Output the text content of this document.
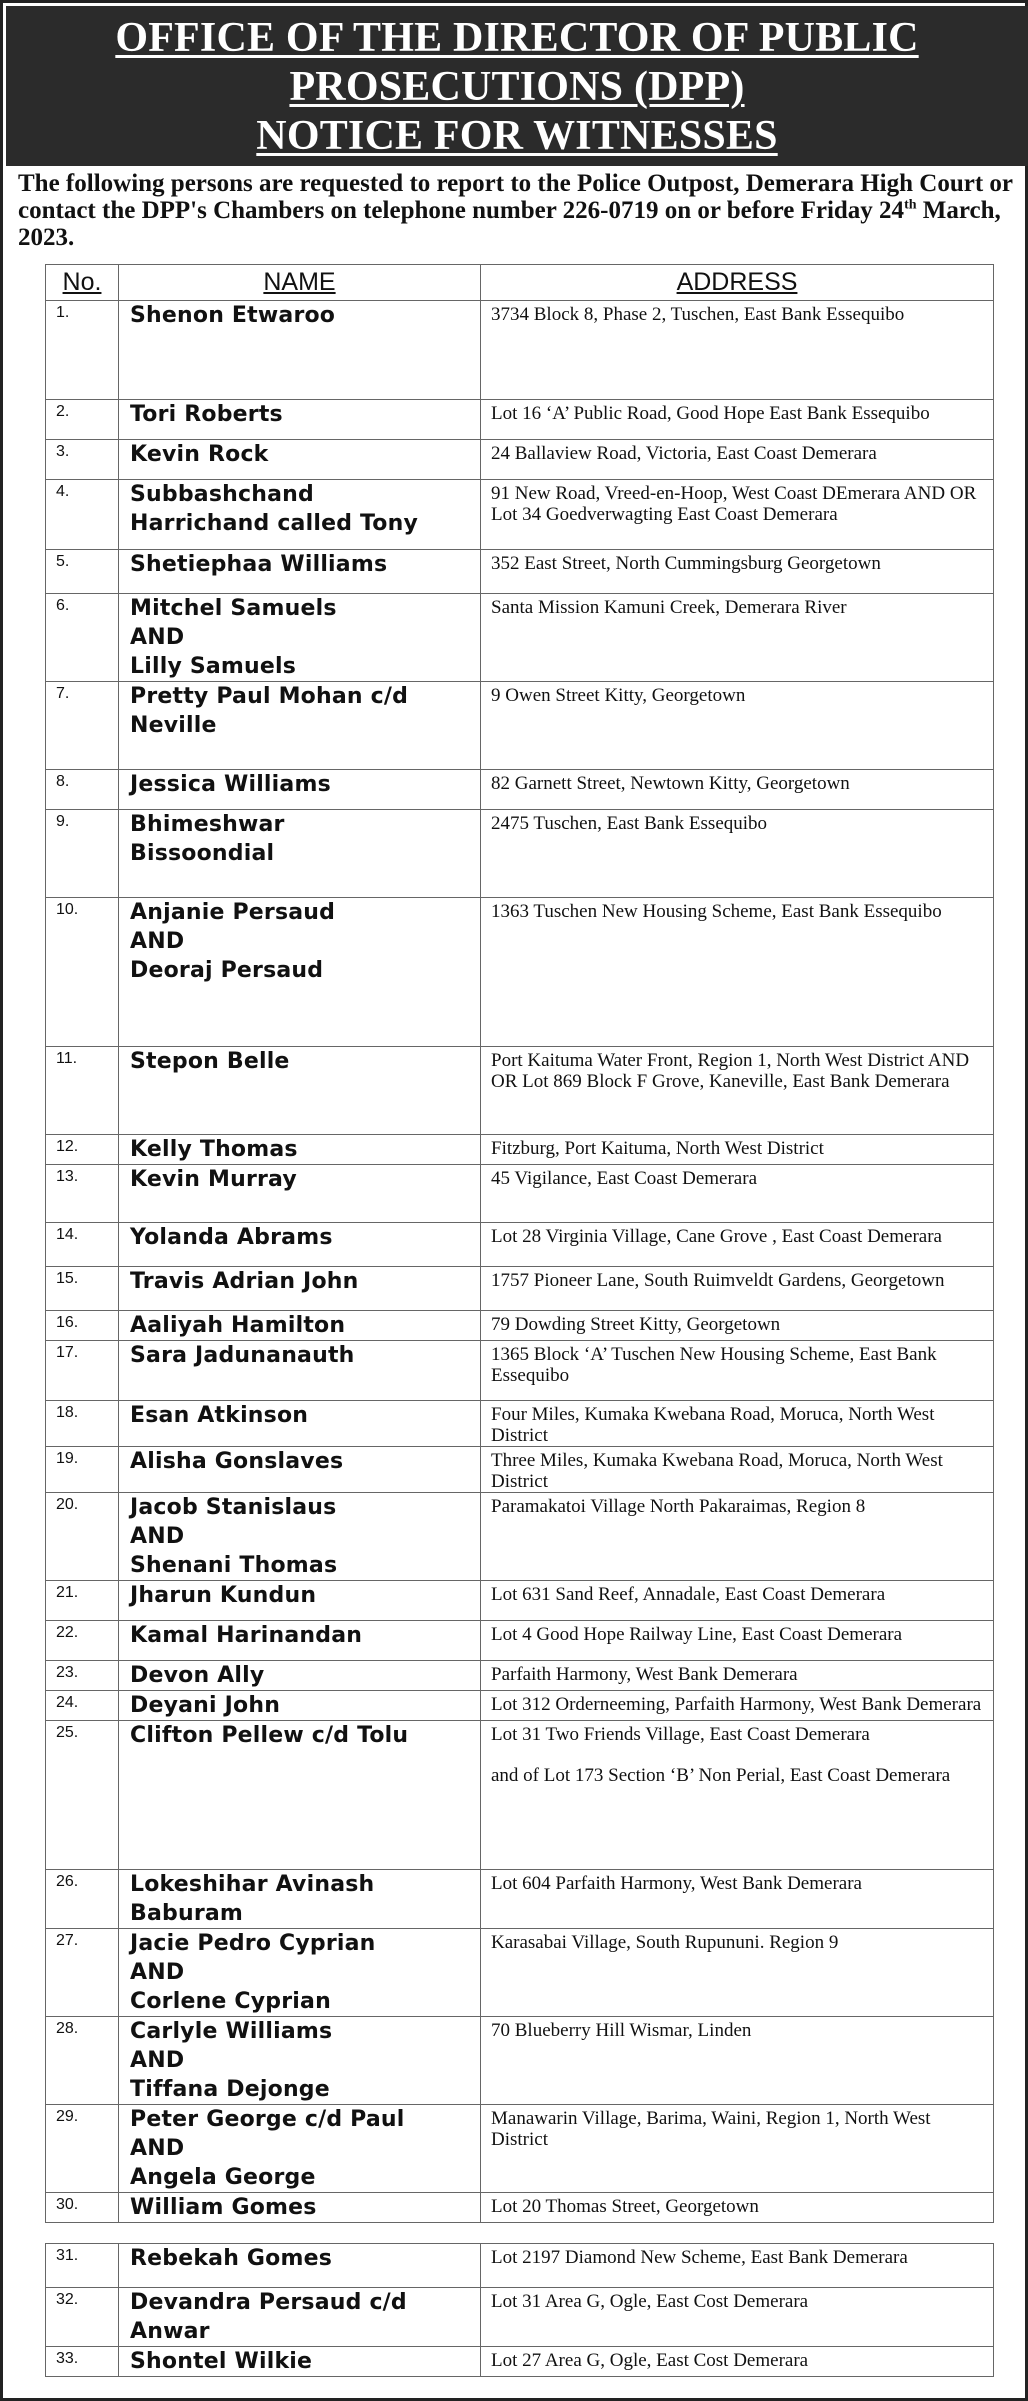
OFFICE OF THE DIRECTOR OF PUBLIC
PROSECUTIONS (DPP)
NOTICE FOR WITNESSES
The following persons are requested to report to the Police Outpost, Demerara High Court or contact the DPP's Chambers on telephone number 226-0719 on or before Friday 24th March, 2023.
No.	NAME	ADDRESS
1.	Shenon Etwaroo	3734 Block 8, Phase 2, Tuschen, East Bank Essequibo

2.	Tori Roberts	Lot 16 ‘A’ Public Road, Good Hope East Bank Essequibo

3.	Kevin Rock	24 Ballaview Road, Victoria, East Coast Demerara

4.	Subbashchand
Harrichand called Tony	91 New Road, Vreed-en-Hoop, West Coast DEmerara AND OR Lot 34 Goedverwagting East Coast Demerara

5.	Shetiephaa Williams	352 East Street, North Cummingsburg Georgetown

6.	Mitchel Samuels
AND
Lilly Samuels	Santa Mission Kamuni Creek, Demerara River

7.	Pretty Paul Mohan c/d
Neville	9 Owen Street Kitty, Georgetown

8.	Jessica Williams	82 Garnett Street, Newtown Kitty, Georgetown

9.	Bhimeshwar
Bissoondial	2475 Tuschen, East Bank Essequibo

10.	Anjanie Persaud
AND
Deoraj Persaud	1363 Tuschen New Housing Scheme, East Bank Essequibo

11.	Stepon Belle	Port Kaituma Water Front, Region 1, North West District AND OR Lot 869 Block F Grove, Kaneville, East Bank Demerara

12.	Kelly Thomas	Fitzburg, Port Kaituma, North West District

13.	Kevin Murray	45 Vigilance, East Coast Demerara

14.	Yolanda Abrams	Lot 28 Virginia Village, Cane Grove , East Coast Demerara

15.	Travis Adrian John	1757 Pioneer Lane, South Ruimveldt Gardens, Georgetown

16.	Aaliyah Hamilton	79 Dowding Street Kitty, Georgetown

17.	Sara Jadunanauth	1365 Block ‘A’ Tuschen New Housing Scheme, East Bank Essequibo

18.	Esan Atkinson	Four Miles, Kumaka Kwebana Road, Moruca, North West District

19.	Alisha Gonslaves	Three Miles, Kumaka Kwebana Road, Moruca, North West District

20.	Jacob Stanislaus
AND
Shenani Thomas	Paramakatoi Village North Pakaraimas, Region 8

21.	Jharun Kundun	Lot 631 Sand Reef, Annadale, East Coast Demerara

22.	Kamal Harinandan	Lot 4 Good Hope Railway Line, East Coast Demerara

23.	Devon Ally	Parfaith Harmony, West Bank Demerara

24.	Deyani John	Lot 312 Orderneeming, Parfaith Harmony, West Bank Demerara

25.	Clifton Pellew c/d Tolu	Lot 31 Two Friends Village, East Coast Demerara

and of Lot 173 Section ‘B’ Non Perial, East Coast Demerara

26.	Lokeshihar Avinash
Baburam	Lot 604 Parfaith Harmony, West Bank Demerara

27.	Jacie Pedro Cyprian
AND
Corlene Cyprian	Karasabai Village, South Rupununi. Region 9

28.	Carlyle Williams
AND
Tiffana Dejonge	70 Blueberry Hill Wismar, Linden

29.	Peter George c/d Paul
AND
Angela George	Manawarin Village, Barima, Waini, Region 1, North West District

30.	William Gomes	Lot 20 Thomas Street, Georgetown

31.	Rebekah Gomes	Lot 2197 Diamond New Scheme, East Bank Demerara

32.	Devandra Persaud c/d
Anwar	Lot 31 Area G, Ogle, East Cost Demerara

33.	Shontel Wilkie	Lot 27 Area G, Ogle, East Cost Demerara
